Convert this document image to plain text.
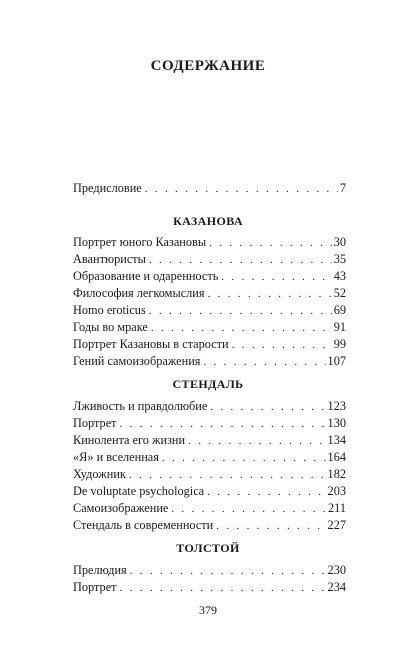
СОДЕРЖАНИЕ
Предисловие . . .	7
КАЗАНОВА
Портрет юного Казановы . . .	30
Авантюристы . . .	35
Образование и одаренность . . .	43
Философия легкомыслия . . .	52
Homo eroticus . . .	69
Годы во мраке . . .	91
Портрет Казановы в старости . . .	99
Гений самоизображения . . .	107
СТЕНДАЛЬ
Лживость и правдолюбие . . .	123
Портрет . . .	130
Кинолента его жизни . . .	134
«Я» и вселенная . . .	164
Художник . . .	182
De voluptate psychologica . . .	203
Самоизображение . . .	211
Стендаль в современности . . .	227
ТОЛСТОЙ
Прелюдия . . .	230
Портрет . . .	234
379
